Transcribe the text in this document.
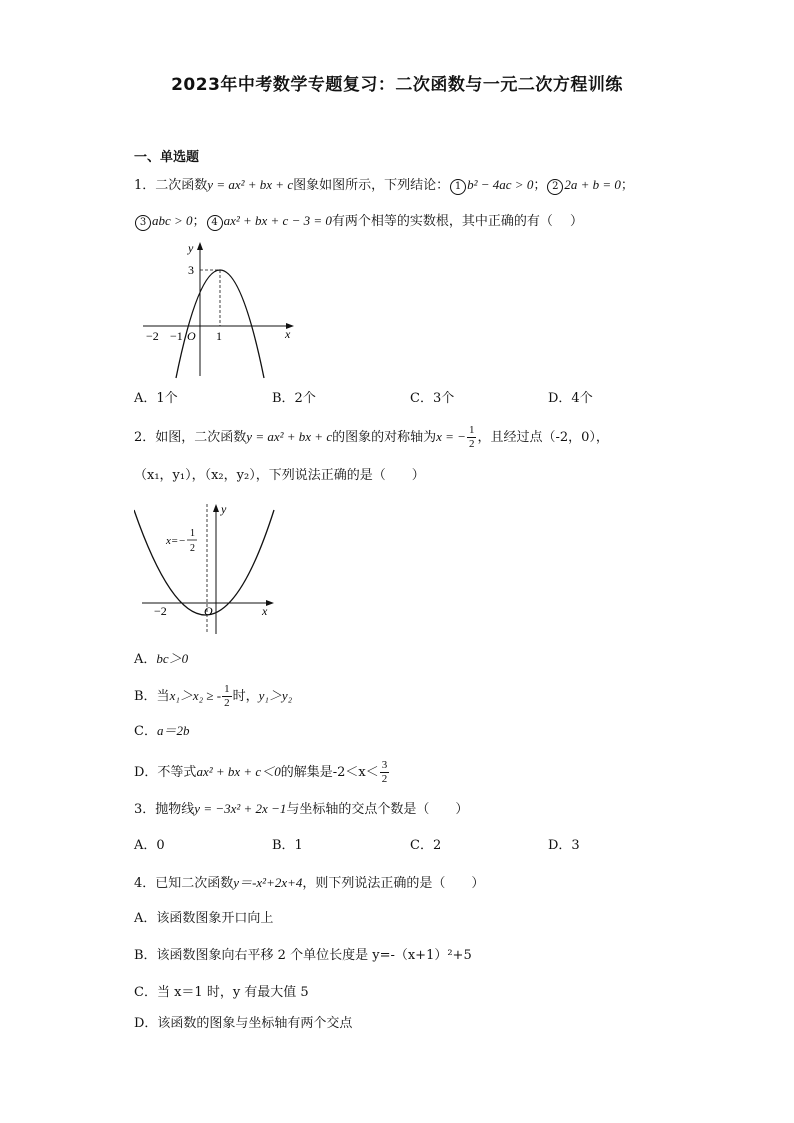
2023年中考数学专题复习：二次函数与一元二次方程训练
一、单选题
1．二次函数y = ax² + bx + c图象如图所示，下列结论： 1 b² − 4ac > 0； 2 2a + b = 0；
3 abc > 0； 4 ax² + bx + c − 3 = 0有两个相等的实数根，其中正确的有（　 ）
y
x
3
−2 −1	1
O
A．1个	B．2个	C．3个	D．4个
2．如图，二次函数y = ax² + bx + c的图象的对称轴为x = − $\frac{1}{2}$ ，且经过点（-2，0），
（x₁，y₁），（x₂，y₂），下列说法正确的是（　　）
y
x
x=−
1
2
−2	O
A．bc＞0
B．当x₁＞x₂ ≥ - $\frac{1}{2}$ 时，y₁＞y₂
C．a＝2b
D．不等式ax² + bx + c＜0的解集是$-2<x< \frac{3}{2}$
3．抛物线y = −3x² + 2x −1与坐标轴的交点个数是（　　）
A．0	B．1	C．2	D．3
4．已知二次函数y＝-x²+2x+4，则下列说法正确的是（　　）
A．该函数图象开口向上
B．该函数图象向右平移 2 个单位长度是 y=-（x+1）²+5
C．当 x＝1 时，y 有最大值 5
D．该函数的图象与坐标轴有两个交点
